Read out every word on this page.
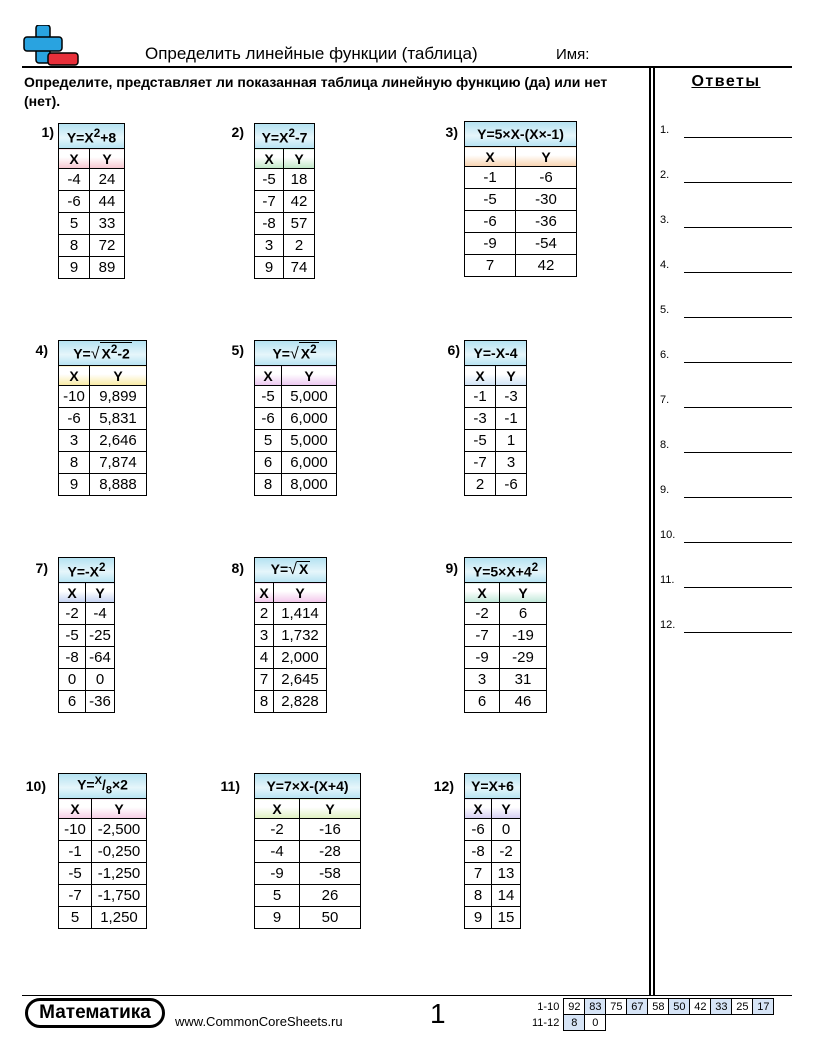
Определить линейные функции (таблица)	Имя:
Определите, представляет ли показанная таблица линейную функцию (да) или нет (нет).
Ответы
1) $Y=X^2+8$	
X	Y
-4	24
-6	44
5	33
8	72
9	89
2) $Y=X^2-7$	
X	Y
-5	18
-7	42
-8	57
3	2
9	74
3) Y=5×X-(X×-1)	
X	Y
-1	-6
-5	-30
-6	-36
-9	-54
7	42
4) Y=√ $X^2-2$	
X	Y
-10	9,899
-6	5,831
3	2,646
8	7,874
9	8,888
5) Y=√ $X^2$
X	Y
-5	5,000
-6	6,000
5	5,000
6	6,000
8	8,000
6) Y=-X-4	
X	Y
-1	-3
-3	-1
-5	1
-7	3
2	-6
7) $Y=-X^2$
X	Y
-2	-4
-5	-25
-8	-64
0	0
6	-36
8) Y=√ X	
X	Y
2	1,414
3	1,732
4	2,000
7	2,645
8	2,828
9) $Y=5\times X+4^2$
X	Y
-2	6
-7	-19
-9	-29
3	31
6	46
10) $Y=^X/_8\times 2$	
X	Y
-10	-2,500
-1	-0,250
-5	-1,250
-7	-1,750
5	1,250
11) Y=7×X-(X+4)	
X	Y
-2	-16
-4	-28
-9	-58
5	26
9	50
12) Y=X+6	
X	Y
-6	0
-8	-2
7	13
8	14
9	15
1.
2.
3.
4.
5.
6.
7.
8.
9.
10.
11.
12.
Математика	www.CommonCoreSheets.ru	1	1-10	92	83	75	67	58	50	42	33	25	17
11-12	8	0								
